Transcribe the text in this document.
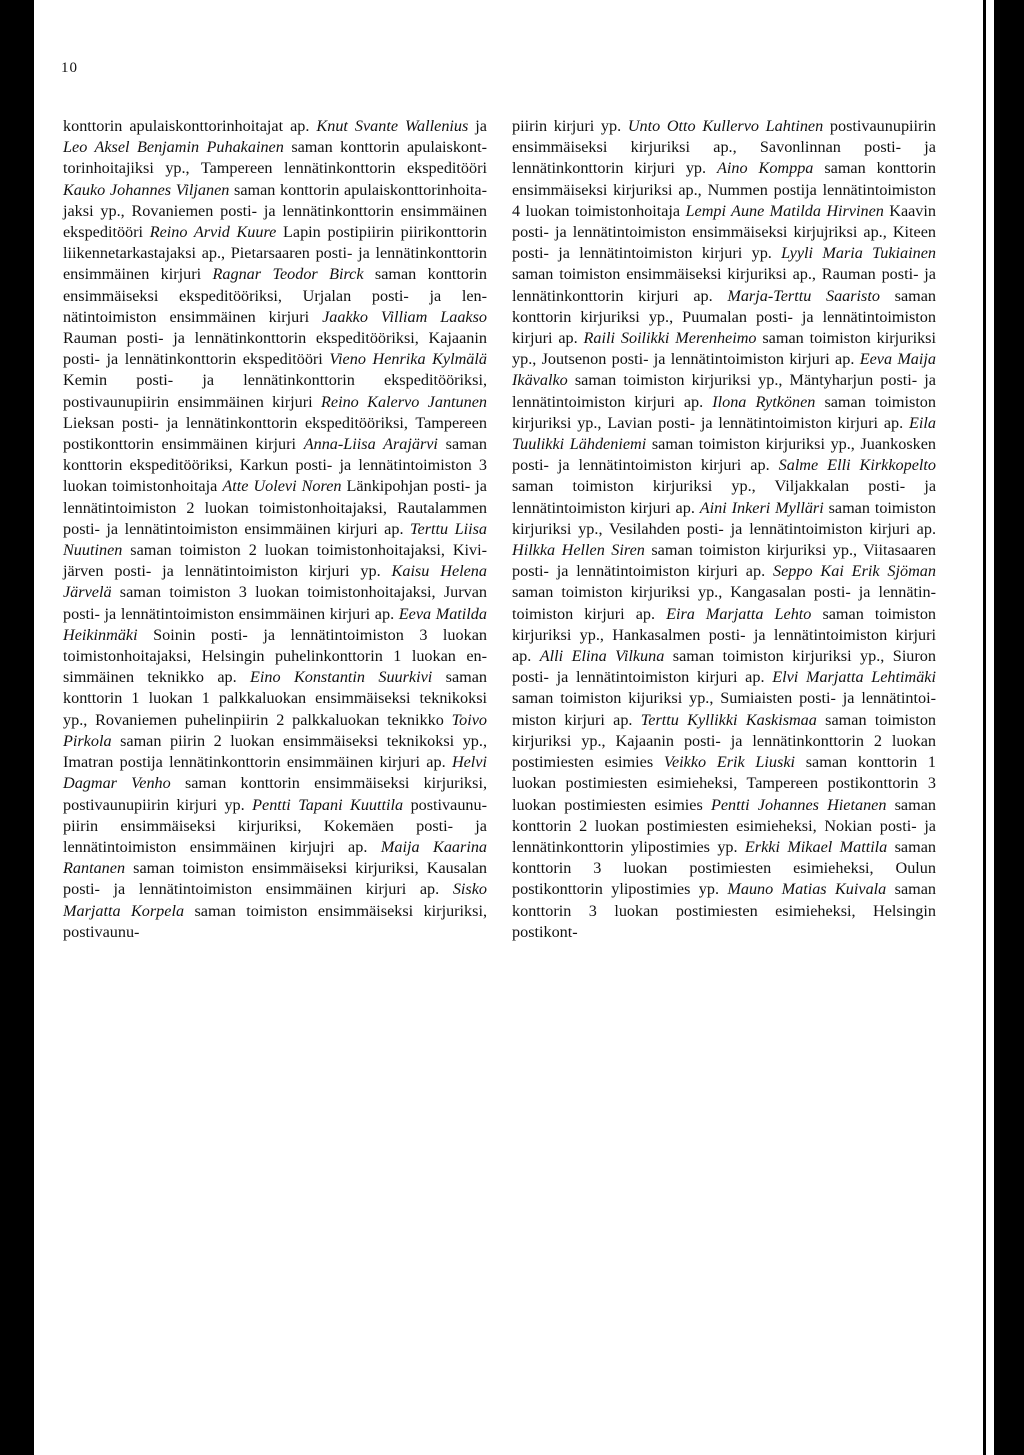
10

konttorin apulaiskonttorinhoitajat ap. Knut Svante Wallenius ja Leo Aksel Benjamin Puhakainen saman konttorin apulaiskonttorinhoitajiksi yp., Tampereen lennätinkonttorin ekspeditööri Kauko Johannes Viljanen saman konttorin apulaiskonttorinhoitajaksi yp., Rovaniemen posti- ja lennätinkonttorin ensimmäinen ekspeditööri Reino Arvid Kuure Lapin postipiirin piirikonttorin liikennetarkastajaksi ap., Pietarsaaren posti- ja lennätinkonttorin ensimmäinen kirjuri Ragnar Teodor Birck saman konttorin ensimmäiseksi ekspeditööriksi, Urjalan posti- ja lennätintoimiston ensimmäinen kirjuri Jaakko Villiam Laakso Rauman posti- ja lennätinkonttorin ekspeditööriksi, Kajaanin posti- ja lennätinkonttorin ekspeditööri Vieno Henrika Kylmälä Kemin posti- ja lennätinkonttorin ekspeditööriksi, postivaunupiirin ensimmäinen kirjuri Reino Kalervo Jantunen Lieksan posti- ja lennätinkonttorin ekspeditööriksi, Tampereen postikonttorin ensimmäinen kirjuri Anna-Liisa Arajärvi saman konttorin ekspeditööriksi, Karkun posti- ja lennätintoimiston 3 luokan toimistonhoitaja Atte Uolevi Noren Länkipohjan posti- ja lennätintoimiston 2 luokan toimistonhoitajaksi, Rautalammen posti- ja lennätintoimiston ensimmäinen kirjuri ap. Terttu Liisa Nuutinen saman toimiston 2 luokan toimistonhoitajaksi, Kivijärven posti- ja lennätintoimiston kirjuri yp. Kaisu Helena Järvelä saman toimiston 3 luokan toimistonhoitajaksi, Jurvan posti- ja lennätintoimiston ensimmäinen kirjuri ap. Eeva Matilda Heikinmäki Soinin posti- ja lennätintoimiston 3 luokan toimistonhoitajaksi, Helsingin puhelinkonttorin 1 luokan ensimmäinen teknikko ap. Eino Konstantin Suurkivi saman konttorin 1 luokan 1 palkkaluokan ensimmäiseksi teknikoksi yp., Rovaniemen puhelinpiirin 2 palkkaluokan teknikko Toivo Pirkola saman piirin 2 luokan ensimmäiseksi teknikoksi yp., Imatran postija lennätinkonttorin ensimmäinen kirjuri ap. Helvi Dagmar Venho saman konttorin ensimmäiseksi kirjuriksi, postivaunupiirin kirjuri yp. Pentti Tapani Kuuttila postivaunupiirin ensimmäiseksi kirjuriksi, Kokemäen posti- ja lennätintoimiston ensimmäinen kirjujri ap. Maija Kaarina Rantanen saman toimiston ensimmäiseksi kirjuriksi, Kausalan posti- ja lennätintoimiston ensimmäinen kirjuri ap. Sisko Marjatta Korpela saman toimiston ensimmäiseksi kirjuriksi, postivaunu-

piirin kirjuri yp. Unto Otto Kullervo Lahtinen postivaunupiirin ensimmäiseksi kirjuriksi ap., Savonlinnan posti- ja lennätinkonttorin kirjuri yp. Aino Komppa saman konttorin ensimmäiseksi kirjuriksi ap., Nummen postija lennätintoimiston 4 luokan toimistonhoitaja Lempi Aune Matilda Hirvinen Kaavin posti- ja lennätintoimiston ensimmäiseksi kirjujriksi ap., Kiteen posti- ja lennätintoimiston kirjuri yp. Lyyli Maria Tukiainen saman toimiston ensimmäiseksi kirjuriksi ap., Rauman posti- ja lennätinkonttorin kirjuri ap. Marja-Terttu Saaristo saman konttorin kirjuriksi yp., Puumalan posti- ja lennätintoimiston kirjuri ap. Raili Soilikki Merenheimo saman toimiston kirjuriksi yp., Joutsenon posti- ja lennätintoimiston kirjuri ap. Eeva Maija Ikävalko saman toimiston kirjuriksi yp., Mäntyharjun posti- ja lennätintoimiston kirjuri ap. Ilona Rytkönen saman toimiston kirjuriksi yp., Lavian posti- ja lennätintoimiston kirjuri ap. Eila Tuulikki Lähdeniemi saman toimiston kirjuriksi yp., Juankosken posti- ja lennätintoimiston kirjuri ap. Salme Elli Kirkkopelto saman toimiston kirjuriksi yp., Viljakkalan posti- ja lennätintoimiston kirjuri ap. Aini Inkeri Mylläri saman toimiston kirjuriksi yp., Vesilahden posti- ja lennätintoimiston kirjuri ap. Hilkka Hellen Siren saman toimiston kirjuriksi yp., Viitasaaren posti- ja lennätintoimiston kirjuri ap. Seppo Kai Erik Sjöman saman toimiston kirjuriksi yp., Kangasalan posti- ja lennätintoimiston kirjuri ap. Eira Marjatta Lehto saman toimiston kirjuriksi yp., Hankasalmen posti- ja lennätintoimiston kirjuri ap. Alli Elina Vilkuna saman toimiston kirjuriksi yp., Siuron posti- ja lennätintoimiston kirjuri ap. Elvi Marjatta Lehtimäki saman toimiston kijuriksi yp., Sumiaisten posti- ja lennätintoimiston kirjuri ap. Terttu Kyllikki Kaskismaa saman toimiston kirjuriksi yp., Kajaanin posti- ja lennätinkonttorin 2 luokan postimiesten esimies Veikko Erik Liuski saman konttorin 1 luokan postimiesten esimieheksi, Tampereen postikonttorin 3 luokan postimiesten esimies Pentti Johannes Hietanen saman konttorin 2 luokan postimiesten esimieheksi, Nokian posti- ja lennätinkonttorin ylipostimies yp. Erkki Mikael Mattila saman konttorin 3 luokan postimiesten esimieheksi, Oulun postikonttorin ylipostimies yp. Mauno Matias Kuivala saman konttorin 3 luokan postimiesten esimieheksi, Helsingin postikont-
